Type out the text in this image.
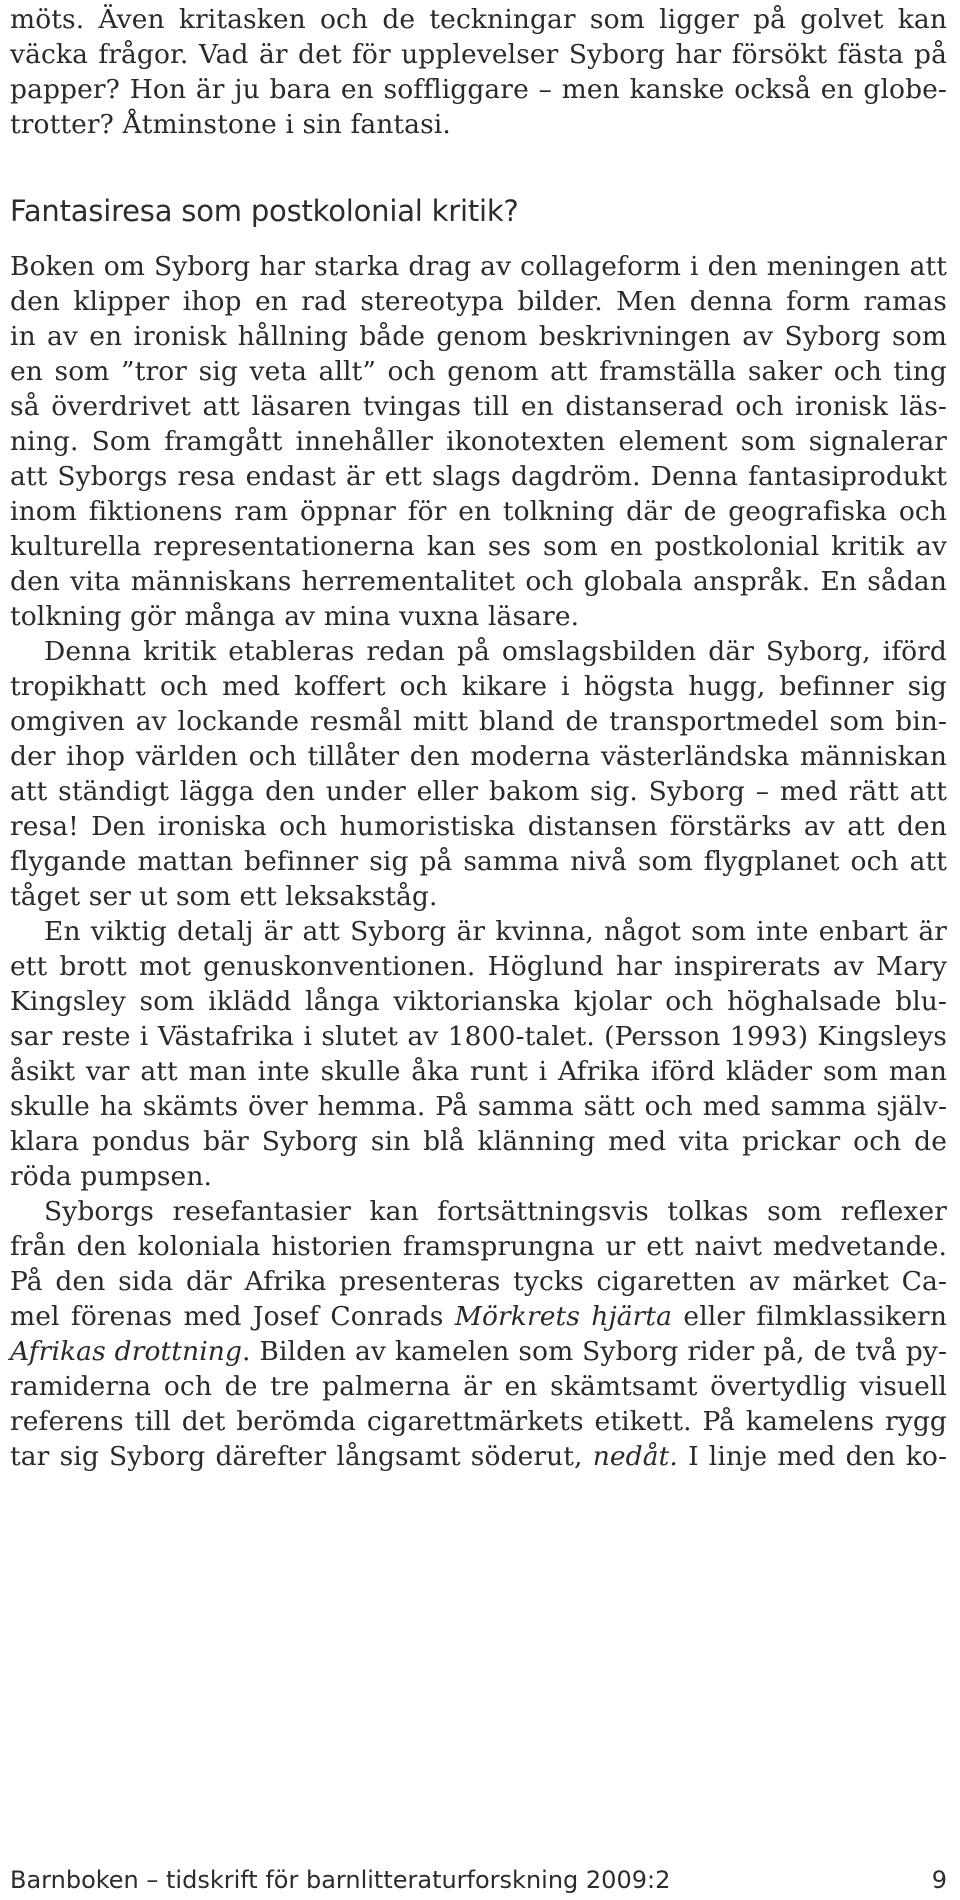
möts. Även kritasken och de teckningar som ligger på golvet kan
väcka frågor. Vad är det för upplevelser Syborg har försökt fästa på
papper? Hon är ju bara en soffliggare – men kanske också en globe-
trotter? Åtminstone i sin fantasi.
Fantasiresa som postkolonial kritik?
Boken om Syborg har starka drag av collageform i den meningen att
den klipper ihop en rad stereotypa bilder. Men denna form ramas
in av en ironisk hållning både genom beskrivningen av Syborg som
en som ”tror sig veta allt” och genom att framställa saker och ting
så överdrivet att läsaren tvingas till en distanserad och ironisk läs-
ning. Som framgått innehåller ikonotexten element som signalerar
att Syborgs resa endast är ett slags dagdröm. Denna fantasiprodukt
inom fiktionens ram öppnar för en tolkning där de geografiska och
kulturella representationerna kan ses som en postkolonial kritik av
den vita människans herrementalitet och globala anspråk. En sådan
tolkning gör många av mina vuxna läsare.
Denna kritik etableras redan på omslagsbilden där Syborg, iförd
tropikhatt och med koffert och kikare i högsta hugg, befinner sig
omgiven av lockande resmål mitt bland de transportmedel som bin-
der ihop världen och tillåter den moderna västerländska människan
att ständigt lägga den under eller bakom sig. Syborg – med rätt att
resa! Den ironiska och humoristiska distansen förstärks av att den
flygande mattan befinner sig på samma nivå som flygplanet och att
tåget ser ut som ett leksakståg.
En viktig detalj är att Syborg är kvinna, något som inte enbart är
ett brott mot genuskonventionen. Höglund har inspirerats av Mary
Kingsley som iklädd långa viktorianska kjolar och höghalsade blu-
sar reste i Västafrika i slutet av 1800-talet. (Persson 1993) Kingsleys
åsikt var att man inte skulle åka runt i Afrika iförd kläder som man
skulle ha skämts över hemma. På samma sätt och med samma själv-
klara pondus bär Syborg sin blå klänning med vita prickar och de
röda pumpsen.
Syborgs resefantasier kan fortsättningsvis tolkas som reflexer
från den koloniala historien framsprungna ur ett naivt medvetande.
På den sida där Afrika presenteras tycks cigaretten av märket Ca-
mel förenas med Josef Conrads Mörkrets hjärta eller filmklassikern
Afrikas drottning. Bilden av kamelen som Syborg rider på, de två py-
ramiderna och de tre palmerna är en skämtsamt övertydlig visuell
referens till det berömda cigarettmärkets etikett. På kamelens rygg
tar sig Syborg därefter långsamt söderut, nedåt. I linje med den ko-
Barnboken – tidskrift för barnlitteraturforskning 2009:2	9
